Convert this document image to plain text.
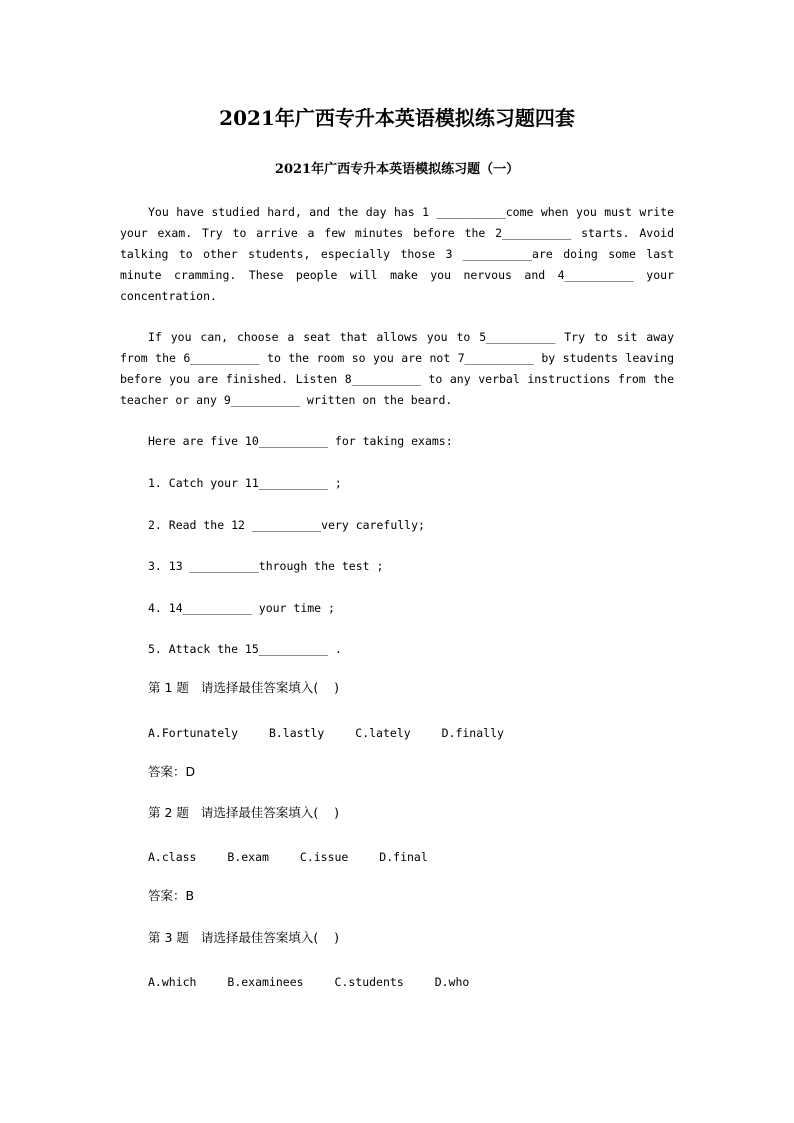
2021年广西专升本英语模拟练习题四套
2021年广西专升本英语模拟练习题（一）

You have studied hard, and the day has 1 __________come when you must write your exam. Try to arrive a few minutes before the 2__________ starts. Avoid talking to other students, especially those 3 __________are doing some last minute cramming. These people will make you nervous and 4__________ your concentration.

If you can, choose a seat that allows you to 5__________ Try to sit away from the 6__________ to the room so you are not 7__________ by students leaving before you are finished. Listen 8__________ to any verbal instructions from the teacher or any 9__________ written on the beard.

Here are five 10__________ for taking exams:
1. Catch your 11__________ ;
2. Read the 12 __________very carefully;
3. 13 __________through the test ;
4. 14__________ your time ;
5. Attack the 15__________ .
第 1 题   请选择最佳答案填入(    )
A.Fortunately	B.lastly	C.lately	D.finally
答案：D
第 2 题   请选择最佳答案填入(    )
A.class	B.exam	C.issue	D.final
答案：B
第 3 题   请选择最佳答案填入(    )
A.which	B.examinees	C.students	D.who
